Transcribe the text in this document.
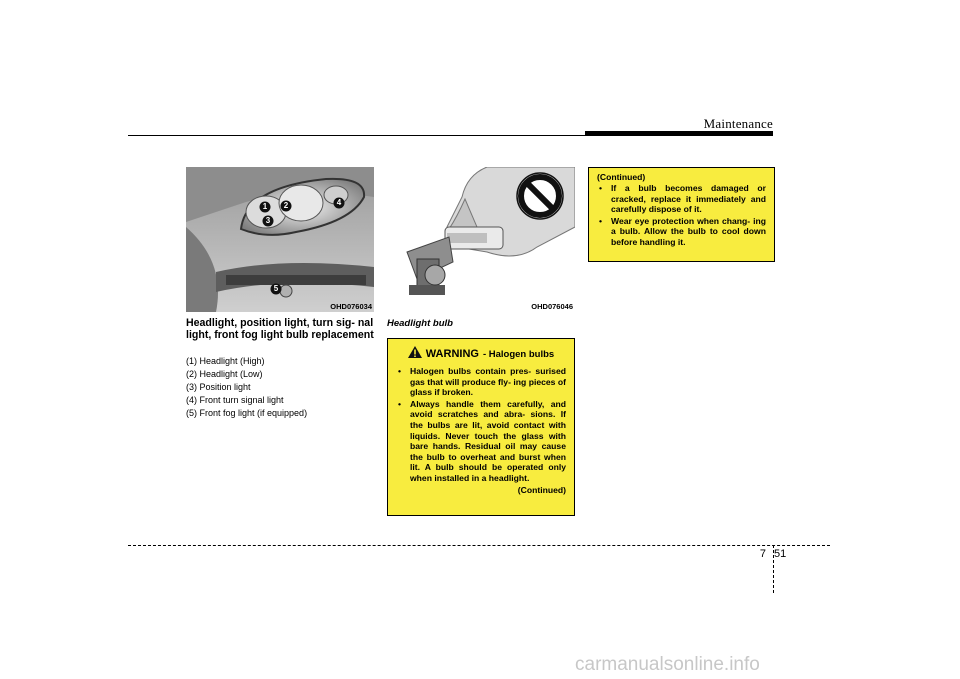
Maintenance
1	2
3
4
5
OHD076034
Headlight, position light, turn sig- nal light, front fog light bulb replacement
(1) Headlight (High)
(2) Headlight (Low)
(3) Position light
(4) Front turn signal light
(5) Front fog light (if equipped)
OHD076046
Headlight bulb
WARNING - Halogen bulbs
• Halogen bulbs contain pres- surised gas that will produce fly- ing pieces of glass if broken.
• Always handle them carefully, and avoid scratches and abra- sions. If the bulbs are lit, avoid contact with liquids. Never touch the glass with bare hands. Residual oil may cause the bulb to overheat and burst when lit. A bulb should be operated only when installed in a headlight.
(Continued)
(Continued)
• If a bulb becomes damaged or cracked, replace it immediately and carefully dispose of it.
• Wear eye protection when chang- ing a bulb. Allow the bulb to cool down before handling it.
7 51
carmanualsonline.info
